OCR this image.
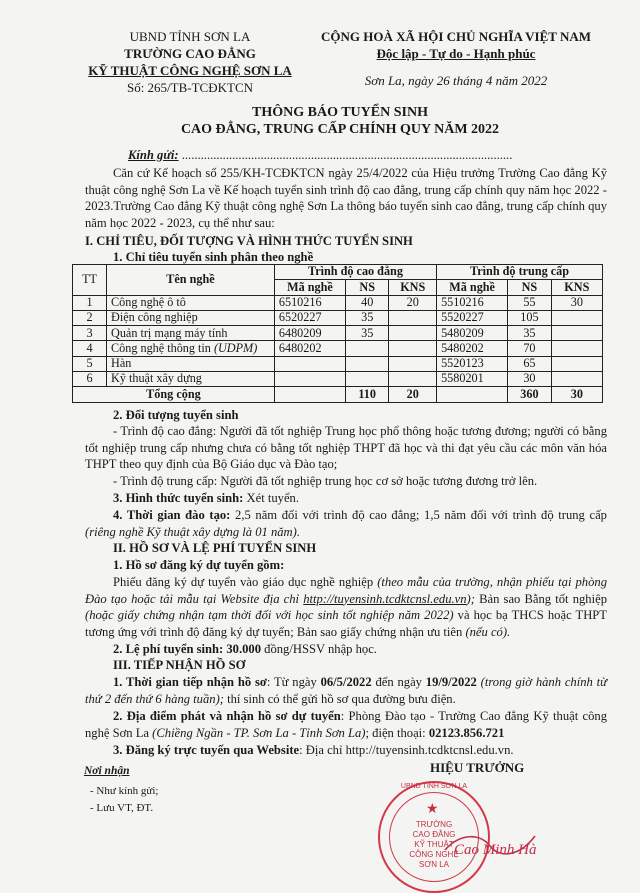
UBND TỈNH SƠN LA
TRƯỜNG CAO ĐẲNG
KỸ THUẬT CÔNG NGHỆ SƠN LA
Số: 265/TB-TCĐKTCN
CỘNG HOÀ XÃ HỘI CHỦ NGHĨA VIỆT NAM
Độc lập - Tự do - Hạnh phúc
Sơn La, ngày 26 tháng 4 năm 2022
THÔNG BÁO TUYỂN SINH
CAO ĐẲNG, TRUNG CẤP CHÍNH QUY NĂM 2022
Kính gửi: .........................................................................................................
Căn cứ Kế hoạch số 255/KH-TCĐKTCN ngày 25/4/2022 của Hiệu trưởng Trường Cao đẳng Kỹ thuật công nghệ Sơn La về Kế hoạch tuyển sinh trình độ cao đẳng, trung cấp chính quy năm học 2022 - 2023.Trường Cao đẳng Kỹ thuật công nghệ Sơn La thông báo tuyển sinh cao đẳng, trung cấp chính quy năm học 2022 - 2023, cụ thể như sau:
I. CHỈ TIÊU, ĐỐI TƯỢNG VÀ HÌNH THỨC TUYỂN SINH
1. Chỉ tiêu tuyển sinh phân theo nghề
TT	Tên nghề	Trình độ cao đẳng			Trình độ trung cấp		
		Mã nghề	NS	KNS	Mã nghề	NS	KNS
1	Công nghệ ô tô	6510216	40	20	5510216	55	30
2	Điện công nghiệp	6520227	35		5520227	105	
3	Quản trị mạng máy tính	6480209	35		5480209	35	
4	Công nghệ thông tin (UDPM)	6480202			5480202	70	
5	Hàn				5520123	65	
6	Kỹ thuật xây dựng				5580201	30	
Tổng cộng			110	20		360	30
2. Đối tượng tuyển sinh
- Trình độ cao đẳng: Người đã tốt nghiệp Trung học phổ thông hoặc tương đương; người có bằng tốt nghiệp trung cấp nhưng chưa có bằng tốt nghiệp THPT đã học và thi đạt yêu cầu các môn văn hóa THPT theo quy định của Bộ Giáo dục và Đào tạo;
- Trình độ trung cấp: Người đã tốt nghiệp trung học cơ sở hoặc tương đương trở lên.
3. Hình thức tuyển sinh: Xét tuyển.
4. Thời gian đào tạo: 2,5 năm đối với trình độ cao đẳng; 1,5 năm đối với trình độ trung cấp (riêng nghề Kỹ thuật xây dựng là 01 năm).
II. HỒ SƠ VÀ LỆ PHÍ TUYỂN SINH
1. Hồ sơ đăng ký dự tuyển gồm:
Phiếu đăng ký dự tuyển vào giáo dục nghề nghiệp (theo mẫu của trường, nhận phiếu tại phòng Đào tạo hoặc tải mẫu tại Website địa chỉ http://tuyensinh.tcdktcnsl.edu.vn); Bản sao Bằng tốt nghiệp (hoặc giấy chứng nhận tạm thời đối với học sinh tốt nghiệp năm 2022) và học bạ THCS hoặc THPT tương ứng với trình độ đăng ký dự tuyển; Bản sao giấy chứng nhận ưu tiên (nếu có).
2. Lệ phí tuyển sinh: 30.000 đồng/HSSV nhập học.
III. TIẾP NHẬN HỒ SƠ
1. Thời gian tiếp nhận hồ sơ: Từ ngày 06/5/2022 đến ngày 19/9/2022 (trong giờ hành chính từ thứ 2 đến thứ 6 hàng tuần); thí sinh có thể gửi hồ sơ qua đường bưu điện.
2. Địa điểm phát và nhận hồ sơ dự tuyển: Phòng Đào tạo - Trường Cao đẳng Kỹ thuật công nghệ Sơn La (Chiềng Ngần - TP. Sơn La - Tỉnh Sơn La); điện thoại: 02123.856.721
3. Đăng ký trực tuyến qua Website: Địa chỉ http://tuyensinh.tcdktcnsl.edu.vn.
Nơi nhận
- Như kính gửi;
- Lưu VT, ĐT.
HIỆU TRƯỞNG
★
UBND TỈNH SƠN LA
TRƯỜNG
CAO ĐẲNG
KỸ THUẬT
CÔNG NGHỆ
SƠN LA
Cao Minh Hà
